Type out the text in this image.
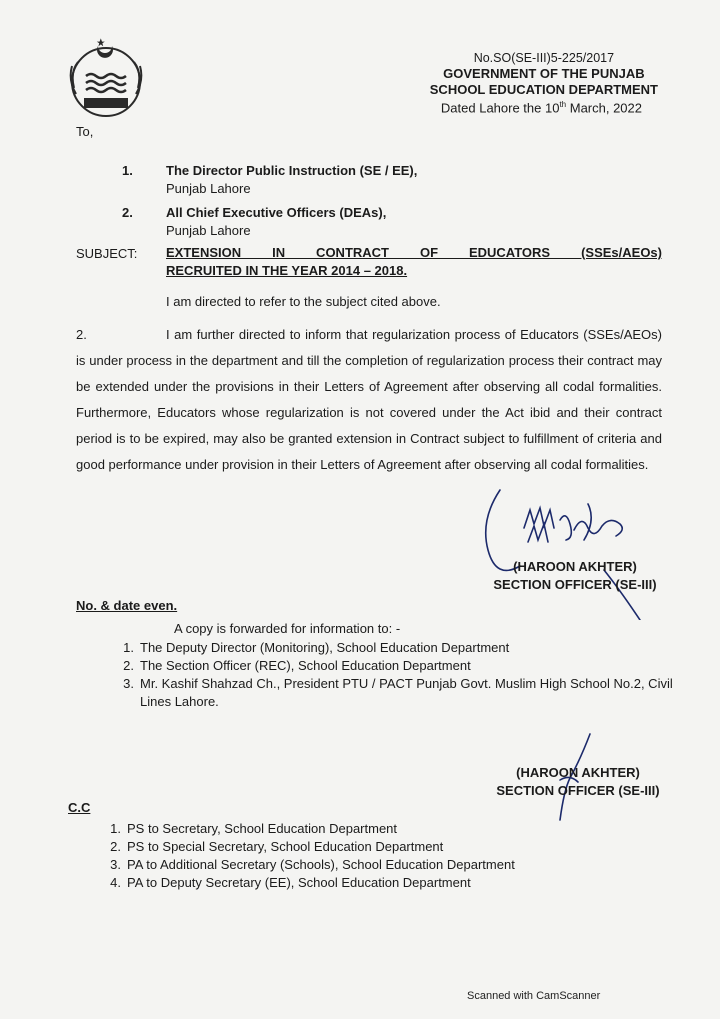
No.SO(SE-III)5-225/2017
GOVERNMENT OF THE PUNJAB
SCHOOL EDUCATION DEPARTMENT
Dated Lahore the 10th March, 2022
To,
1.	The Director Public Instruction (SE / EE),
Punjab Lahore
2.	All Chief Executive Officers (DEAs),
Punjab Lahore
SUBJECT: EXTENSION IN CONTRACT OF EDUCATORS (SSEs/AEOs)
RECRUITED IN THE YEAR 2014 – 2018.
I am directed to refer to the subject cited above.
2.	I am further directed to inform that regularization process of Educators (SSEs/AEOs) is under process in the department and till the completion of regularization process their contract may be extended under the provisions in their Letters of Agreement after observing all codal formalities. Furthermore, Educators whose regularization is not covered under the Act ibid and their contract period is to be expired, may also be granted extension in Contract subject to fulfillment of criteria and good performance under provision in their Letters of Agreement after observing all codal formalities.
(HAROON AKHTER)
SECTION OFFICER (SE-III)
No. & date even.
A copy is forwarded for information to: -
1. The Deputy Director (Monitoring), School Education Department
2. The Section Officer (REC), School Education Department
3. Mr. Kashif Shahzad Ch., President PTU / PACT Punjab Govt. Muslim High School No.2, Civil Lines Lahore.
(HAROON AKHTER)
SECTION OFFICER (SE-III)
C.C
1. PS to Secretary, School Education Department
2. PS to Special Secretary, School Education Department
3. PA to Additional Secretary (Schools), School Education Department
4. PA to Deputy Secretary (EE), School Education Department
Scanned with CamScanner
